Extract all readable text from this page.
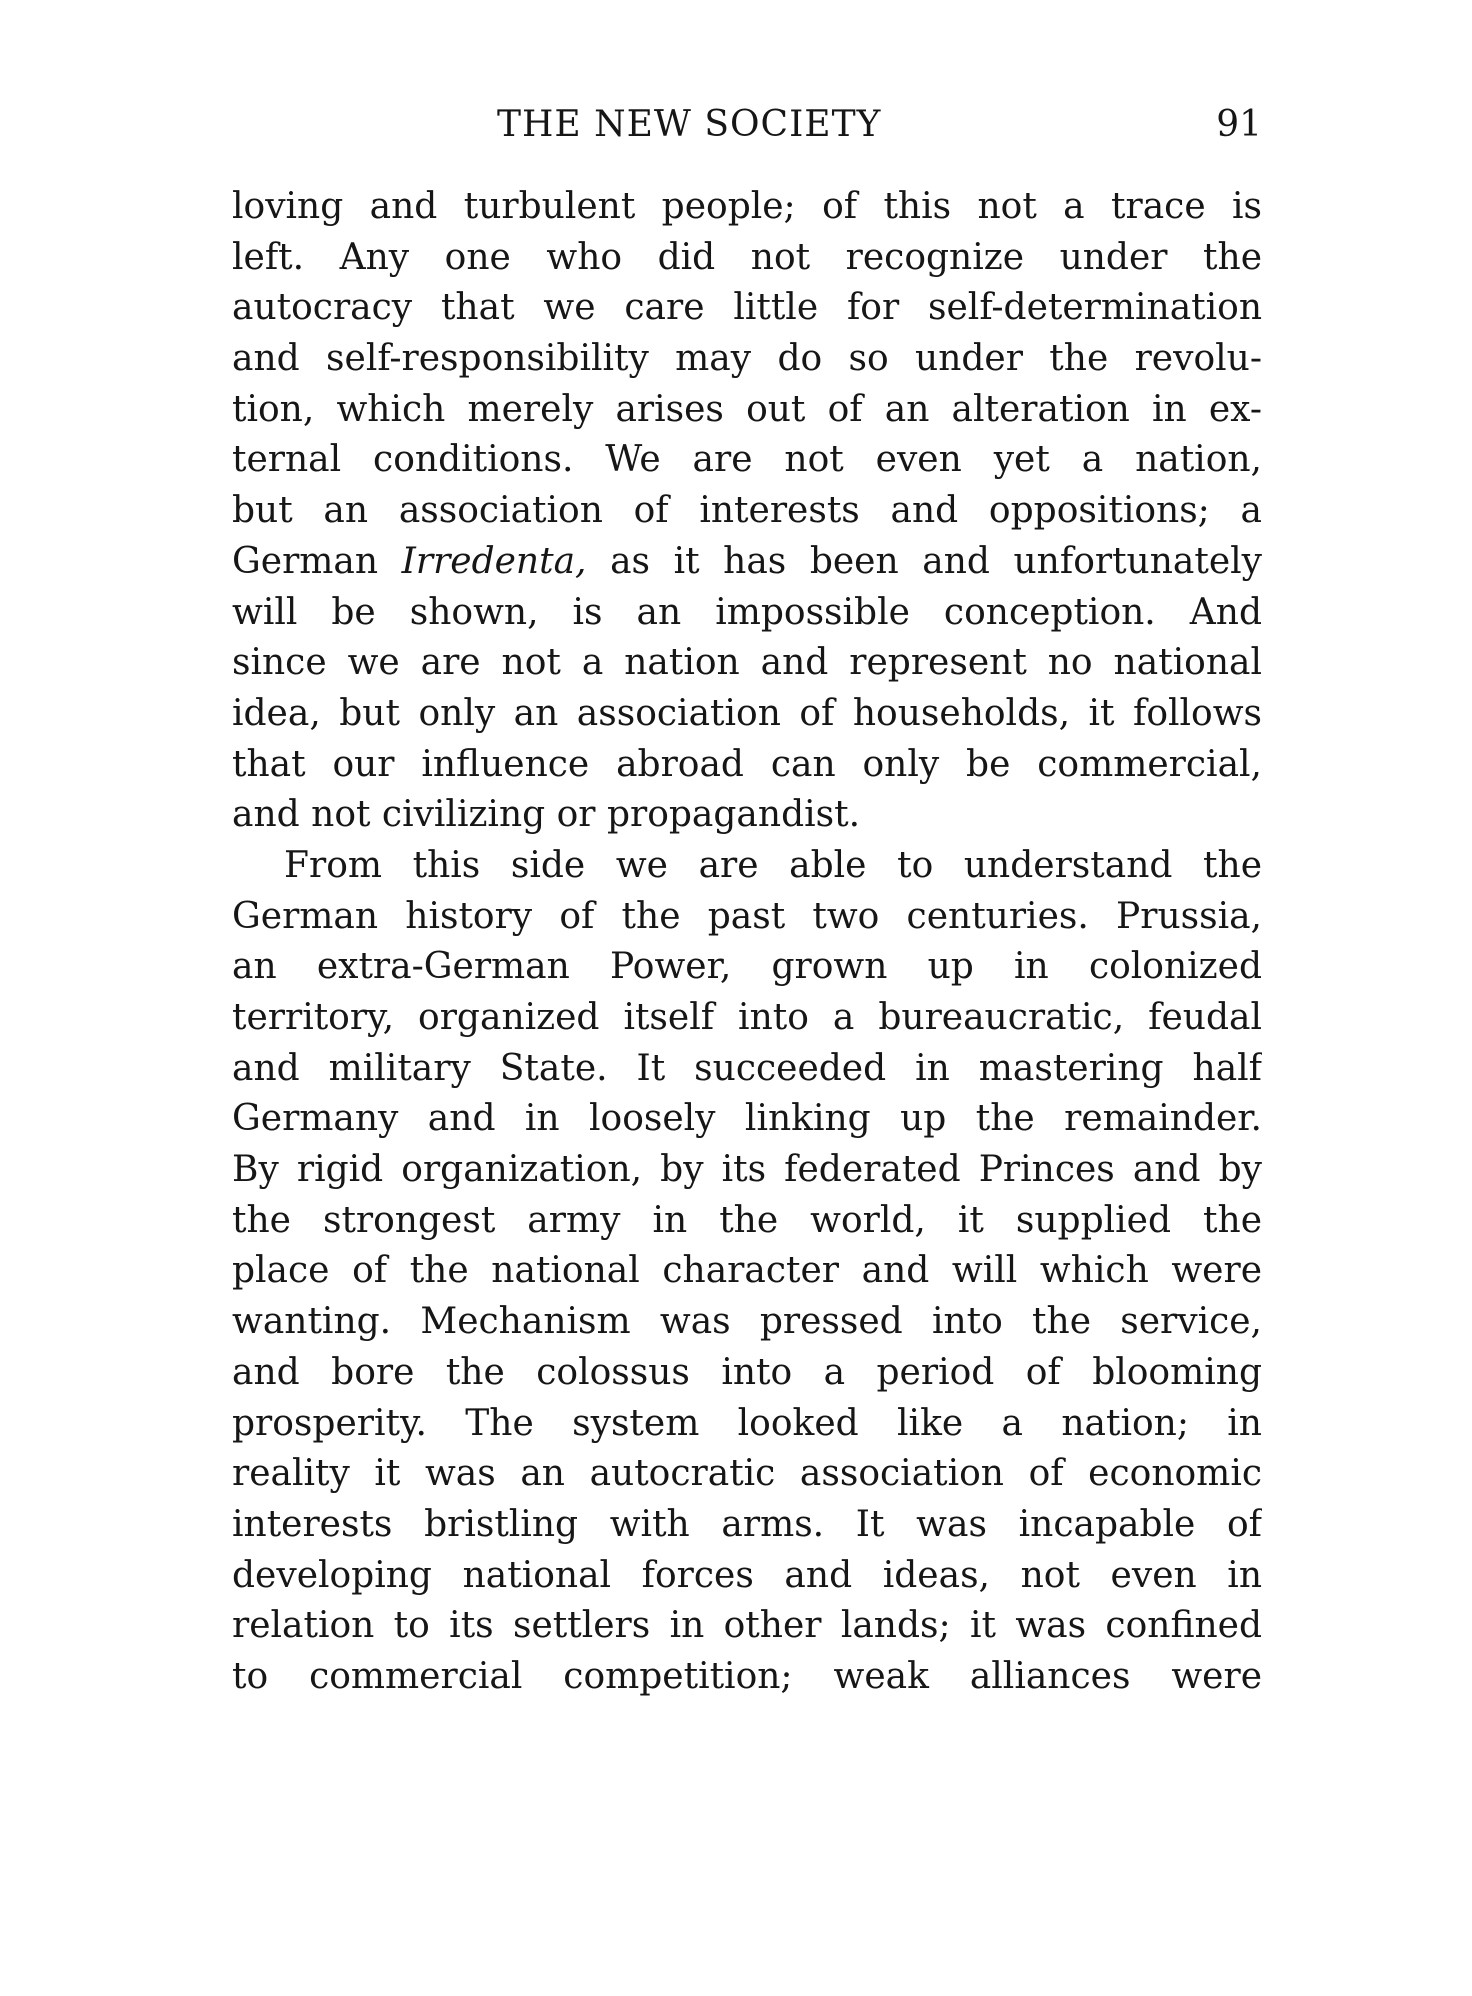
THE NEW SOCIETY	91
loving and turbulent people; of this not a trace is
left. Any one who did not recognize under the
autocracy that we care little for self-determination
and self-responsibility may do so under the revolu-
tion, which merely arises out of an alteration in ex-
ternal conditions. We are not even yet a nation,
but an association of interests and oppositions; a
German Irredenta, as it has been and unfortunately
will be shown, is an impossible conception. And
since we are not a nation and represent no national
idea, but only an association of households, it follows
that our influence abroad can only be commercial,
and not civilizing or propagandist.
From this side we are able to understand the
German history of the past two centuries. Prussia,
an extra-German Power, grown up in colonized
territory, organized itself into a bureaucratic, feudal
and military State. It succeeded in mastering half
Germany and in loosely linking up the remainder.
By rigid organization, by its federated Princes and by
the strongest army in the world, it supplied the
place of the national character and will which were
wanting. Mechanism was pressed into the service,
and bore the colossus into a period of blooming
prosperity. The system looked like a nation; in
reality it was an autocratic association of economic
interests bristling with arms. It was incapable of
developing national forces and ideas, not even in
relation to its settlers in other lands; it was confined
to commercial competition; weak alliances were
